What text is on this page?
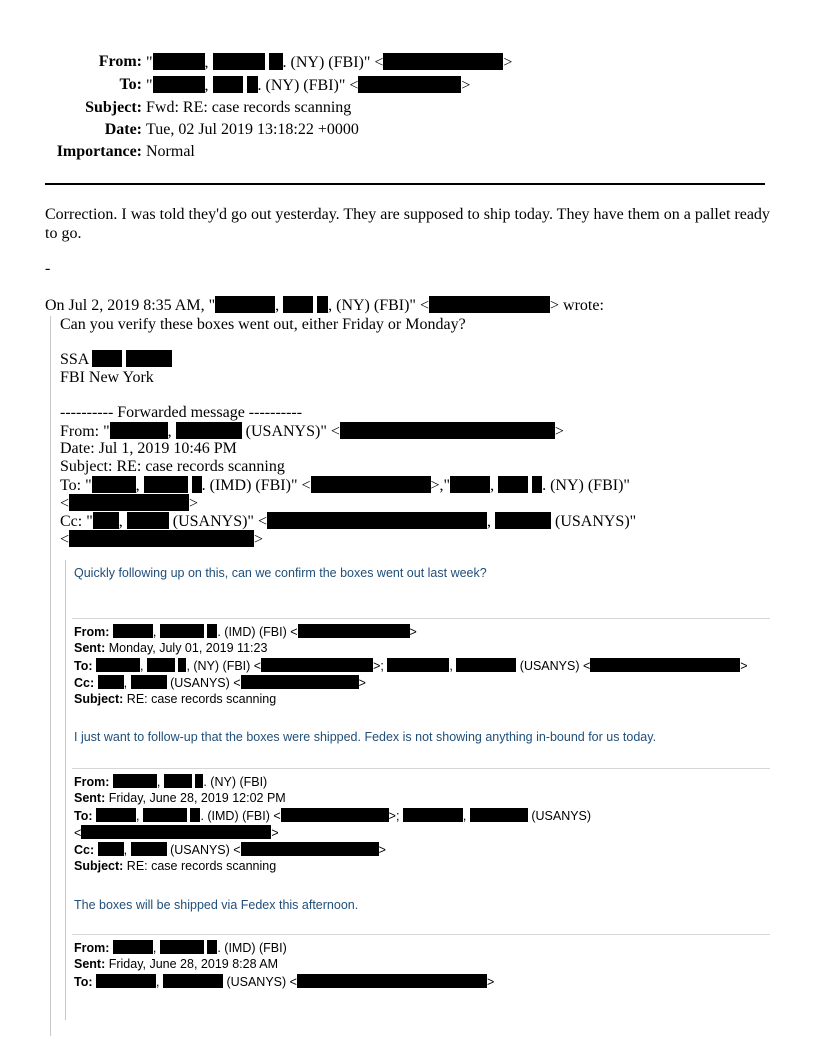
From: "	,	. (NY) (FBI)" <	>
To: "	,	. (NY) (FBI)" <	>
Subject: Fwd: RE: case records scanning
Date: Tue, 02 Jul 2019 13:18:22 +0000
Importance: Normal
Correction. I was told they'd go out yesterday. They are supposed to ship today. They have them on a pallet ready to go.
-
On Jul 2, 2019 8:35 AM, "	,	, (NY) (FBI)" <	> wrote:
Can you verify these boxes went out, either Friday or Monday?
SSA
FBI New York
---------- Forwarded message ----------
From: "	,	(USANYS)" <	>
Date: Jul 1, 2019 10:46 PM
Subject: RE: case records scanning
To: "	,	. (IMD) (FBI)" <	>,"	,	. (NY) (FBI)"
<	>
Cc: " ,	(USANYS)" <	,	(USANYS)"
<	>
Quickly following up on this, can we confirm the boxes went out last week?
From:	,	. (IMD) (FBI) <	>
Sent: Monday, July 01, 2019 11:23
To:	,	, (NY) (FBI) <	>;	,	(USANYS) <	>
Cc: ,	(USANYS) <	>
Subject: RE: case records scanning
I just want to follow-up that the boxes were shipped. Fedex is not showing anything in-bound for us today.
From:	,	. (NY) (FBI)
Sent: Friday, June 28, 2019 12:02 PM
To:	,	. (IMD) (FBI) <	>;	,	(USANYS)
<	>
Cc: ,	(USANYS) <	>
Subject: RE: case records scanning
The boxes will be shipped via Fedex this afternoon.
From:	,	. (IMD) (FBI)
Sent: Friday, June 28, 2019 8:28 AM
To:	,	(USANYS) <	>
